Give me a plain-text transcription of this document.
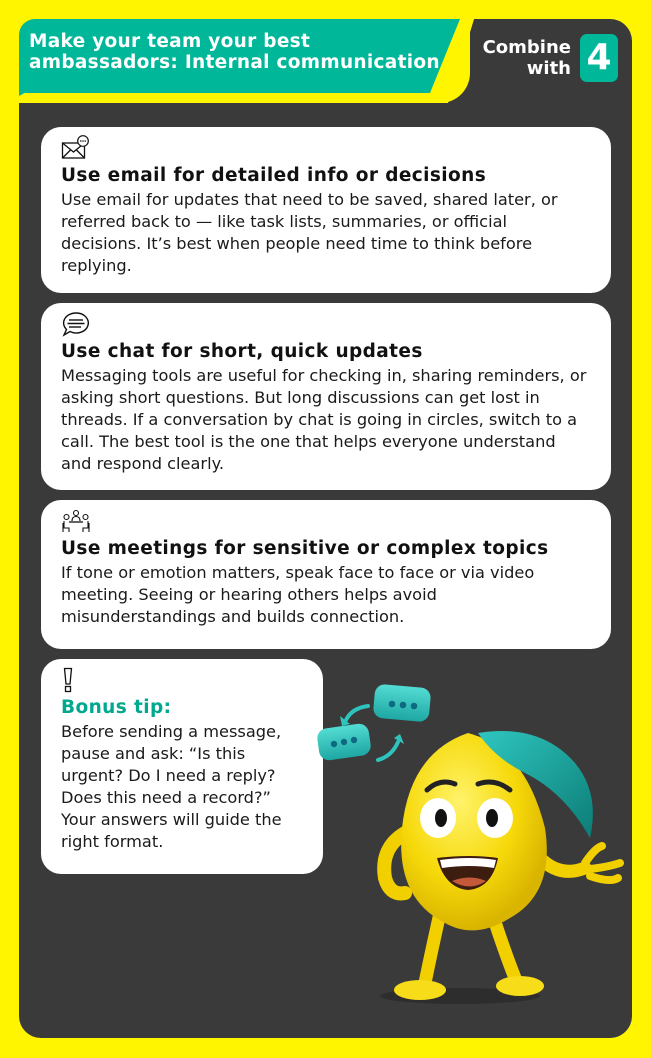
Make your team your best
ambassadors: Internal communication
Combine
with 4
Use email for detailed info or decisions

Use email for updates that need to be saved, shared later, or referred back to — like task lists, summaries, or official decisions. It’s best when people need time to think before replying.

Use chat for short, quick updates

Messaging tools are useful for checking in, sharing reminders, or asking short questions. But long discussions can get lost in threads. If a conversation by chat is going in circles, switch to a call. The best tool is the one that helps everyone understand and respond clearly.

Use meetings for sensitive or complex topics

If tone or emotion matters, speak face to face or via video meeting. Seeing or hearing others helps avoid misunderstandings and builds connection.

Bonus tip:

Before sending a message, pause and ask: “Is this urgent? Do I need a reply? Does this need a record?” Your answers will guide the right format.
